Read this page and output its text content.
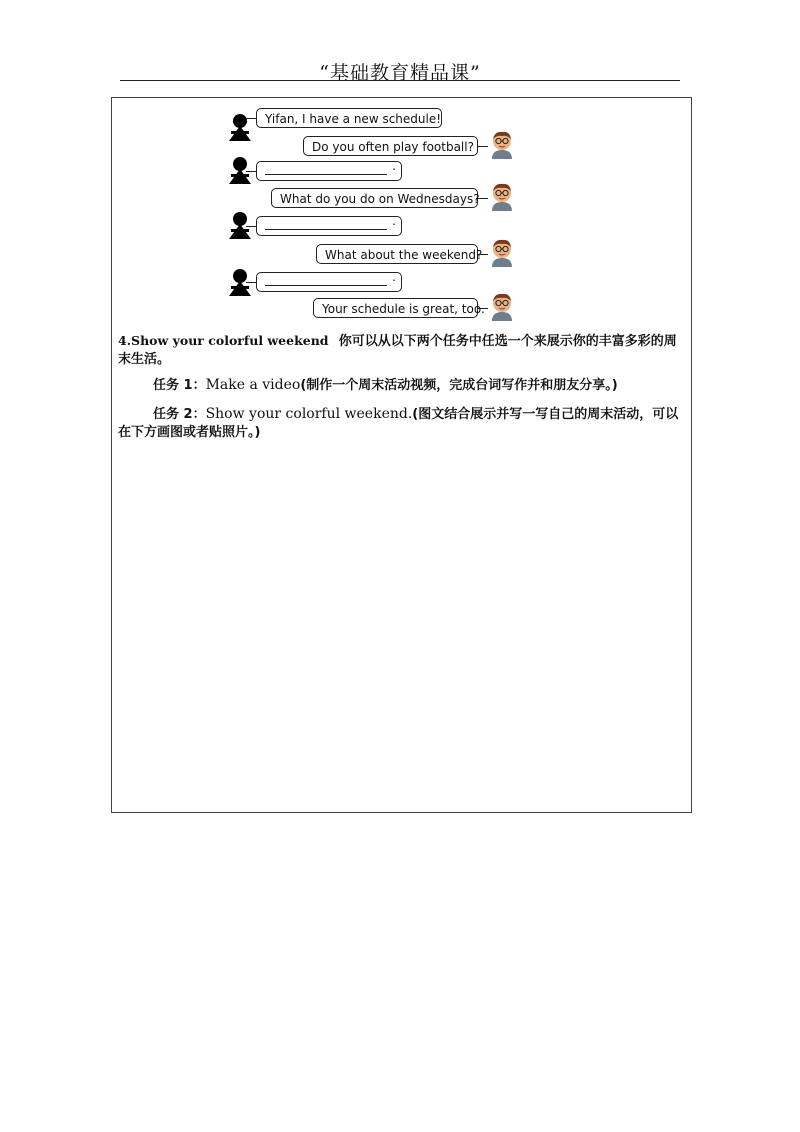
“基础教育精品课”
Yifan, I have a new schedule!
Do you often play football?
.
What do you do on Wednesdays?
.
What about the weekend?
.
Your schedule is great, too.
4.Show your colorful weekend 你可以从以下两个任务中任选一个来展示你的丰富多彩的周
末生活。
任务 1：Make a video(制作一个周末活动视频，完成台词写作并和朋友分享。)
任务 2：Show your colorful weekend.(图文结合展示并写一写自己的周末活动，可以
在下方画图或者贴照片。)
